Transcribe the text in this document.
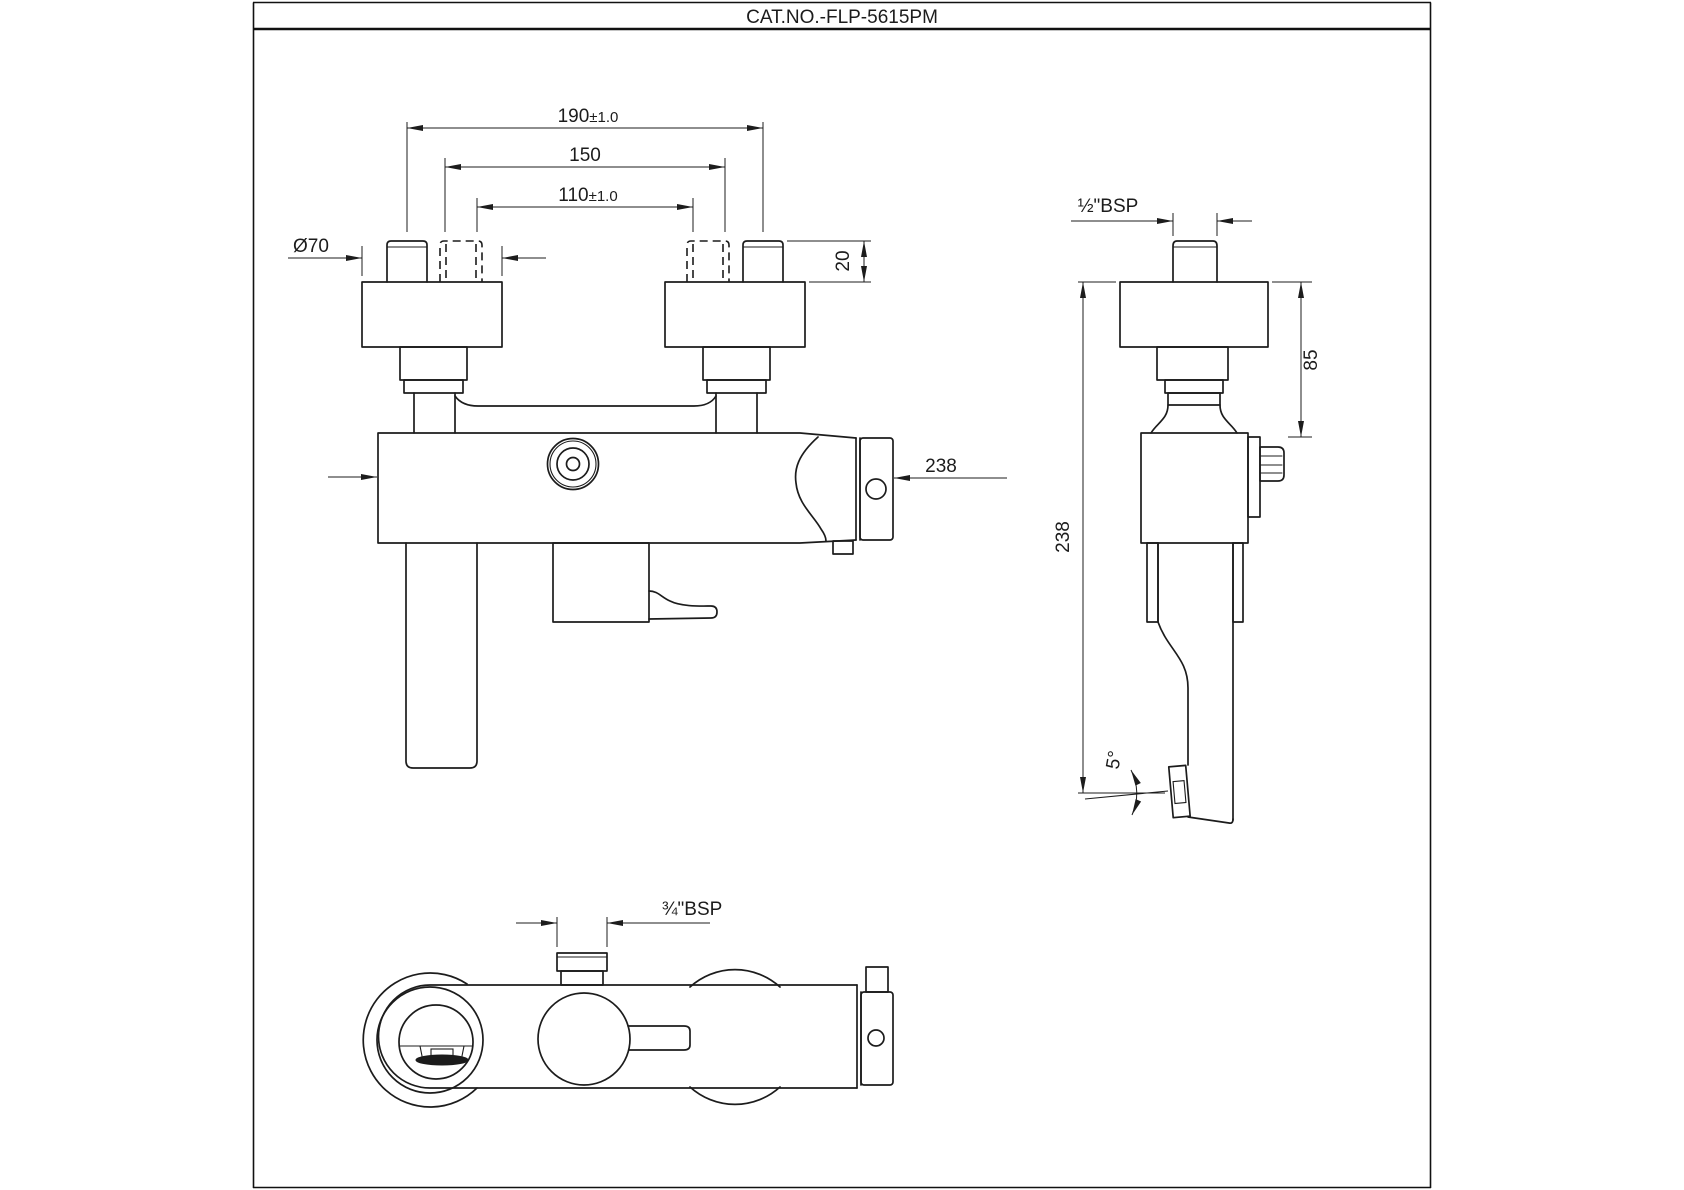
CAT.NO.-FLP-5615PM
190±1.0
150
110±1.0
Ø70
20
238
½"BSP
238
85
5°
¾"BSP
